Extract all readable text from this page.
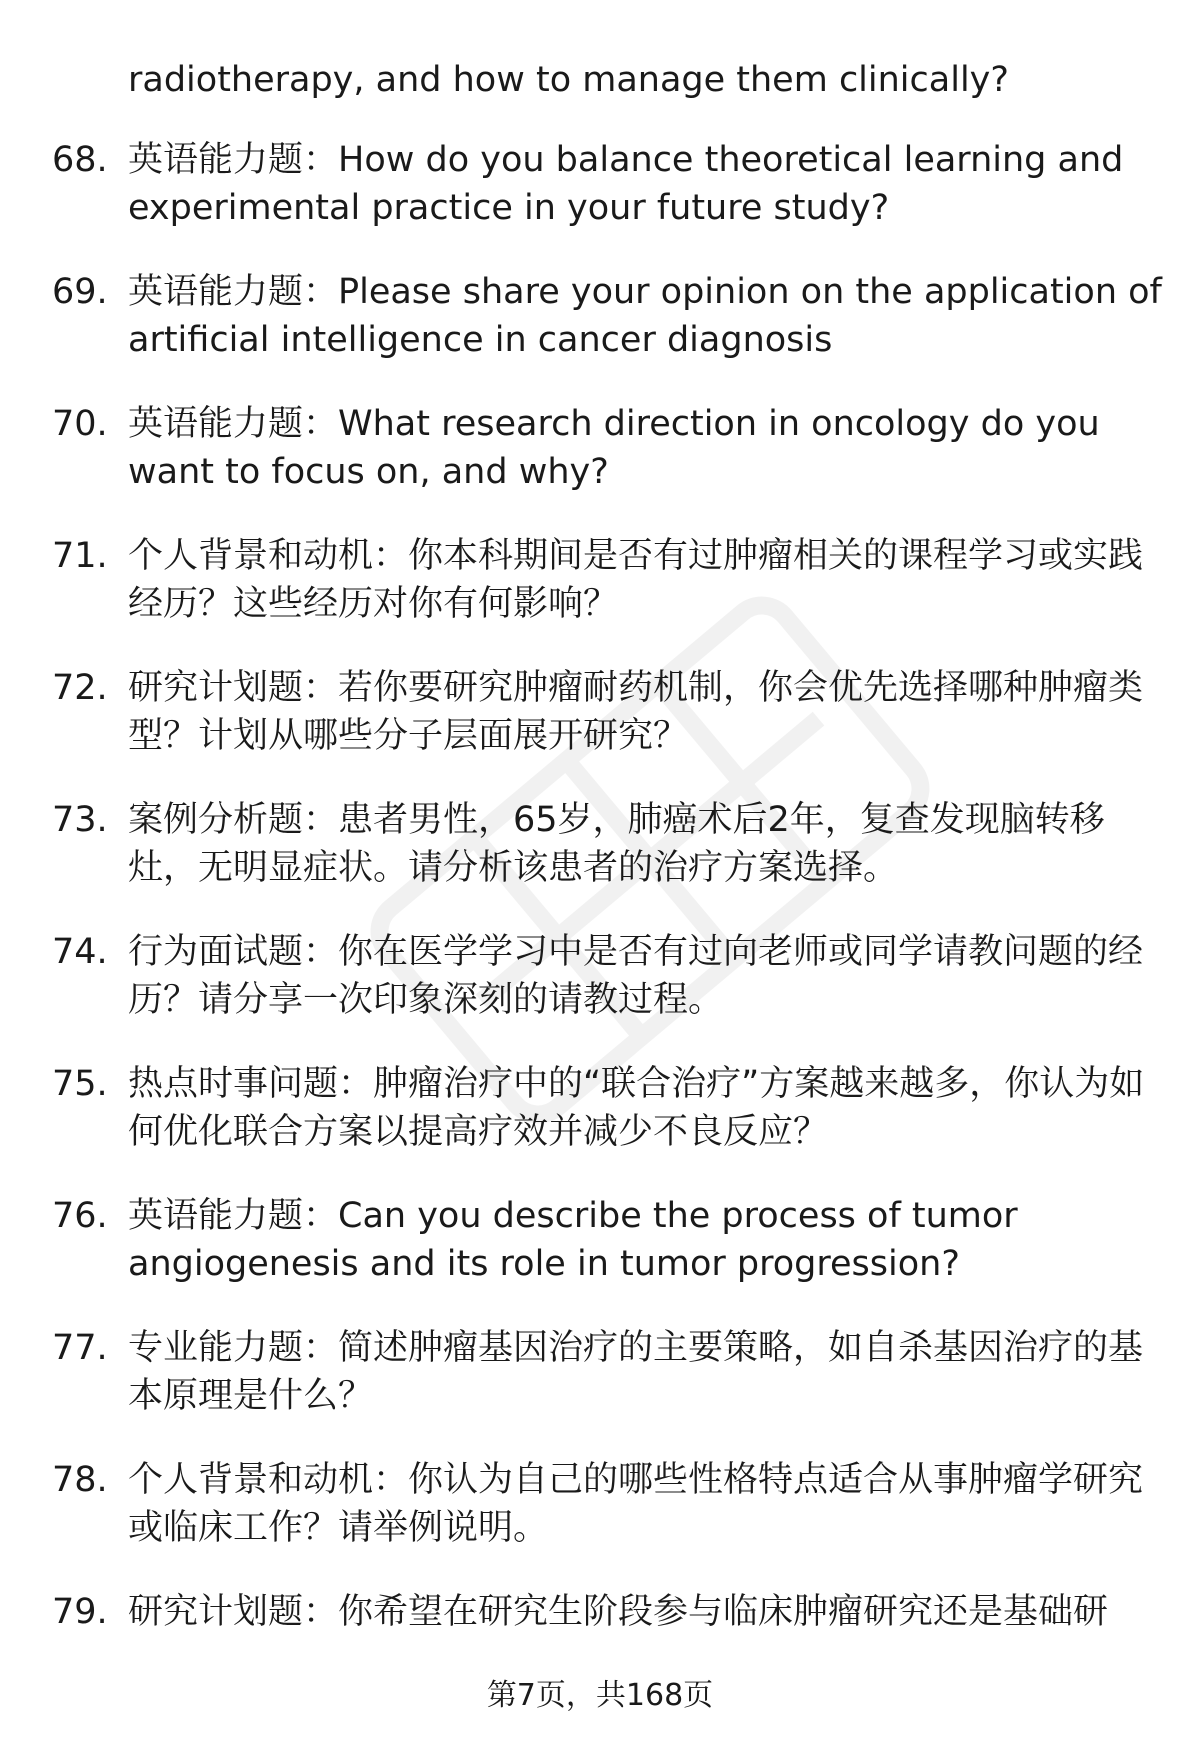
radiotherapy, and how to manage them clinically?

68. 英语能力题：How do you balance theoretical learning and experimental practice in your future study?
69. 英语能力题：Please share your opinion on the application of artificial intelligence in cancer diagnosis
70. 英语能力题：What research direction in oncology do you want to focus on, and why?
71. 个人背景和动机：你本科期间是否有过肿瘤相关的课程学习或实践经历？这些经历对你有何影响？
72. 研究计划题：若你要研究肿瘤耐药机制，你会优先选择哪种肿瘤类型？计划从哪些分子层面展开研究？
73. 案例分析题：患者男性，65岁，肺癌术后2年，复查发现脑转移灶，无明显症状。请分析该患者的治疗方案选择。
74. 行为面试题：你在医学学习中是否有过向老师或同学请教问题的经历？请分享一次印象深刻的请教过程。
75. 热点时事问题：肿瘤治疗中的“联合治疗”方案越来越多，你认为如何优化联合方案以提高疗效并减少不良反应？
76. 英语能力题：Can you describe the process of tumor angiogenesis and its role in tumor progression?
77. 专业能力题：简述肿瘤基因治疗的主要策略，如自杀基因治疗的基本原理是什么？
78. 个人背景和动机：你认为自己的哪些性格特点适合从事肿瘤学研究或临床工作？请举例说明。
79. 研究计划题：你希望在研究生阶段参与临床肿瘤研究还是基础研
第7页，共168页
